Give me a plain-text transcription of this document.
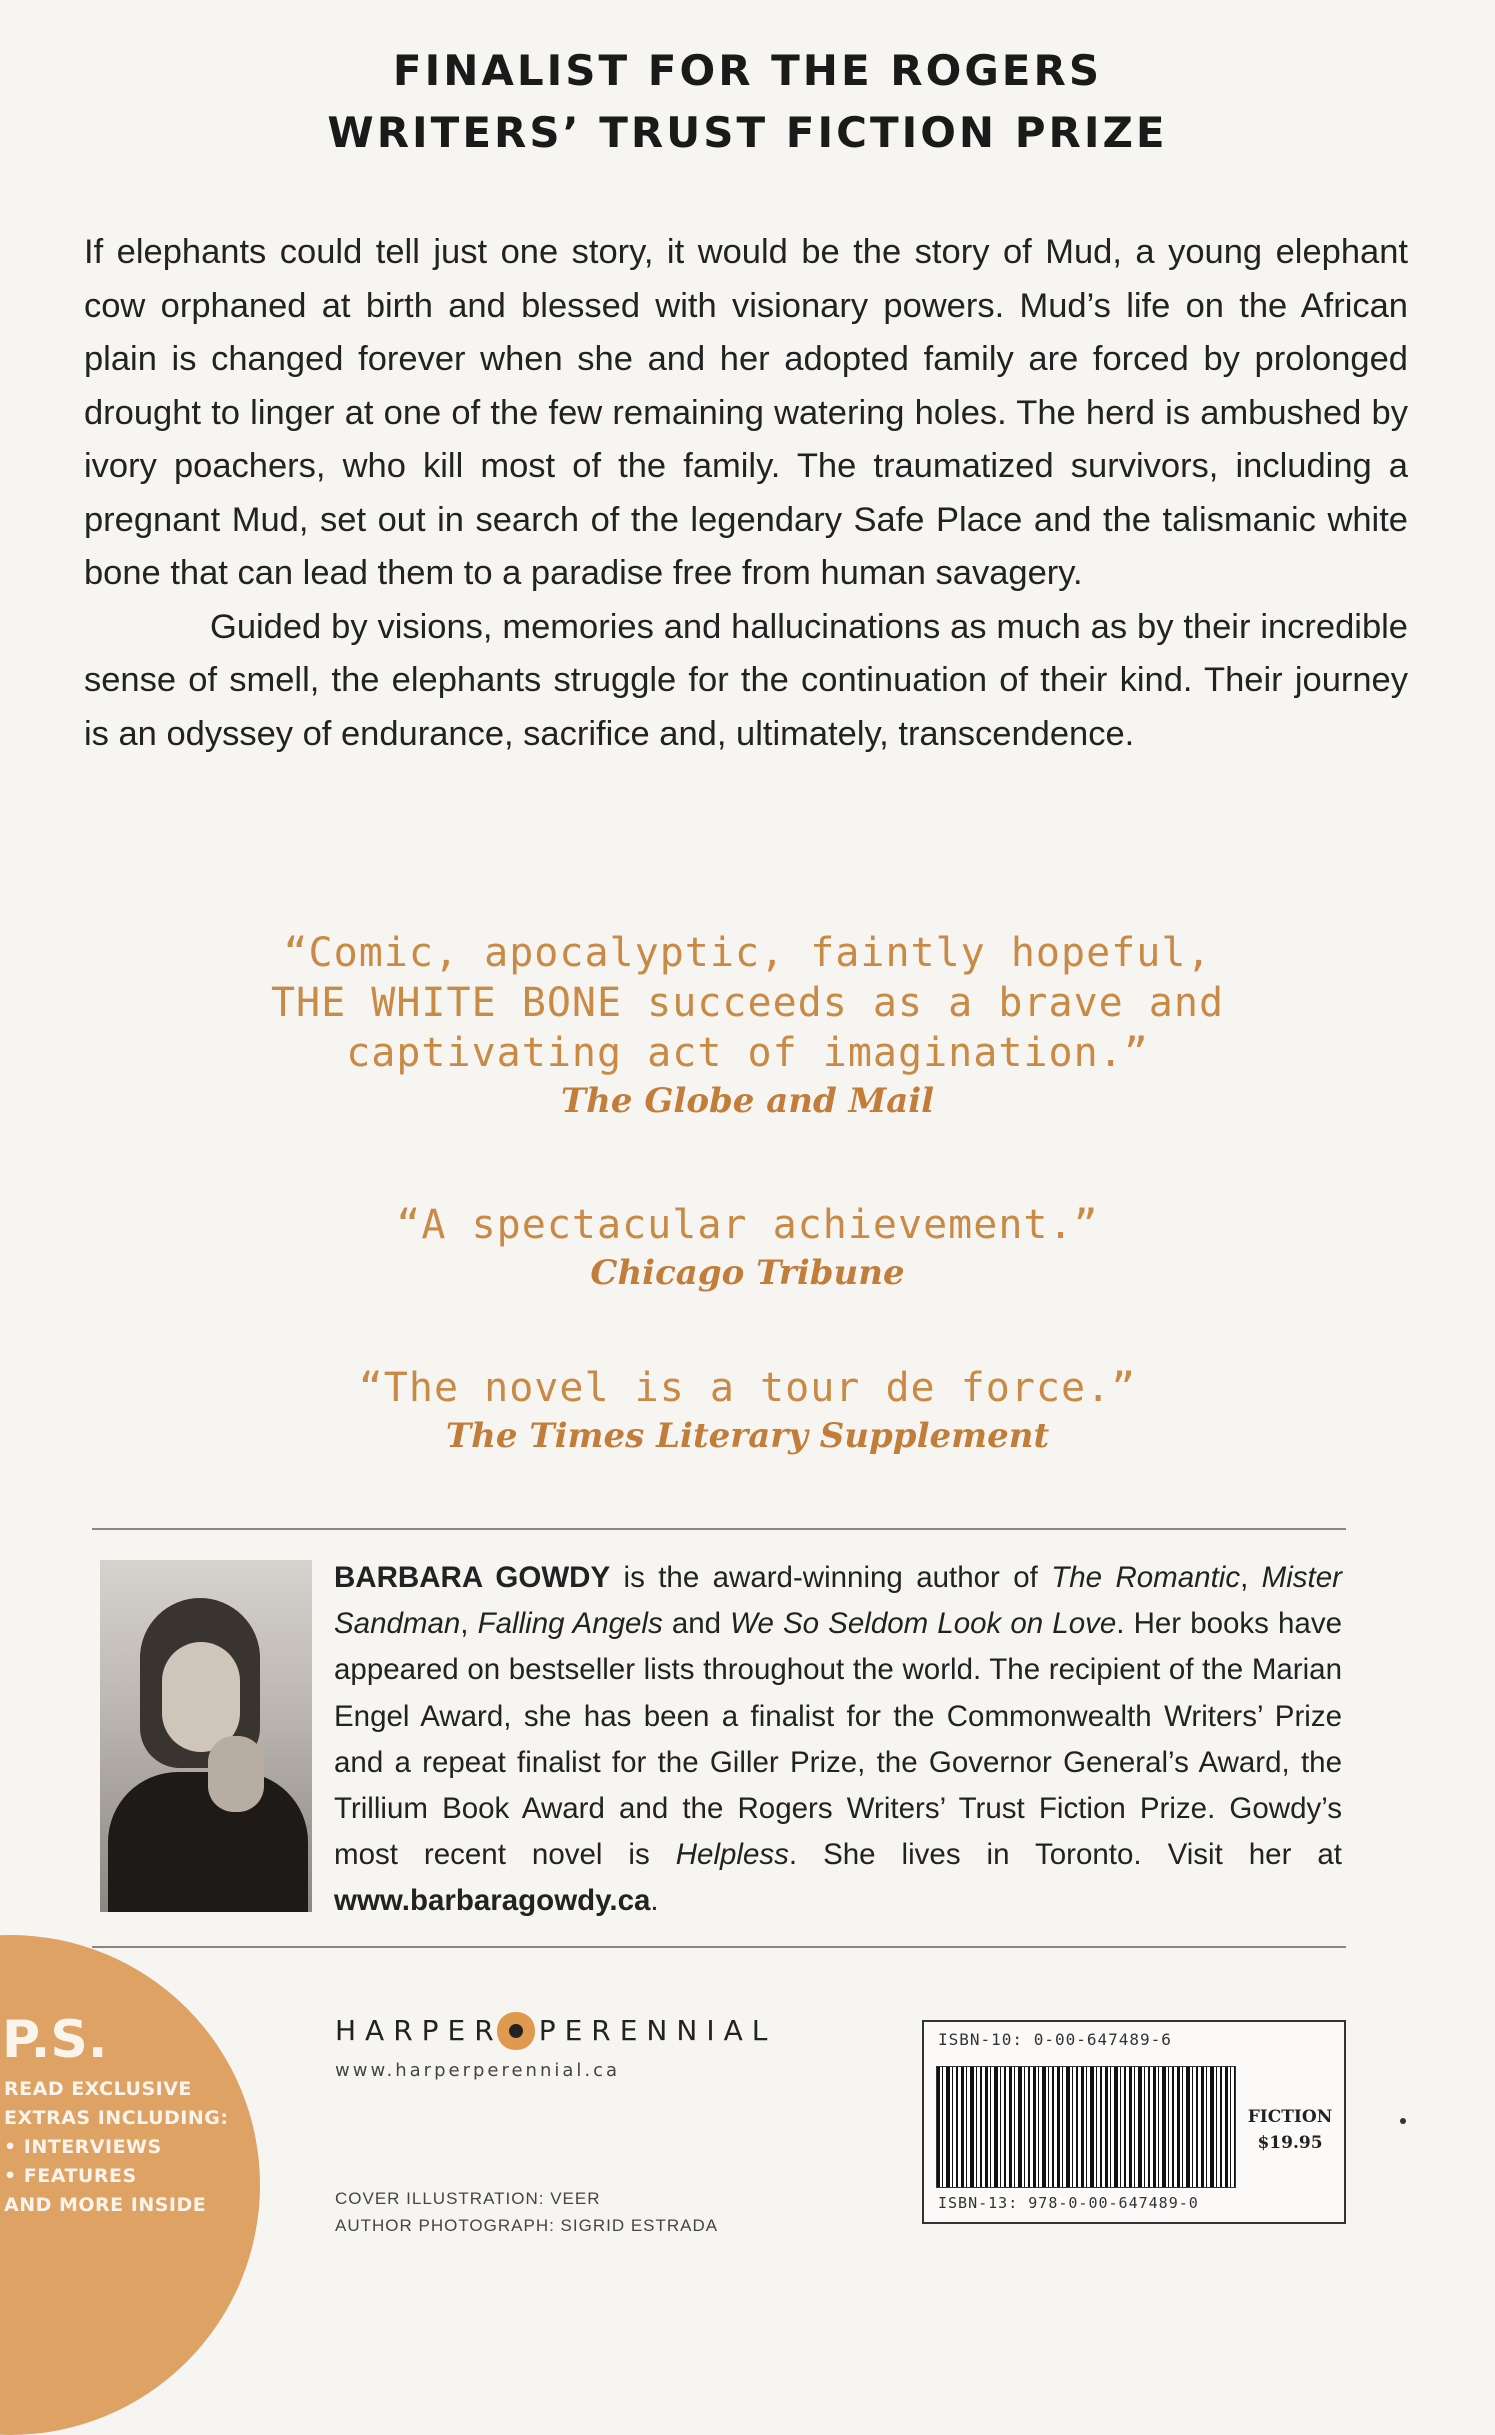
FINALIST FOR THE ROGERS
WRITERS’ TRUST FICTION PRIZE

If elephants could tell just one story, it would be the story of Mud, a young elephant cow orphaned at birth and blessed with visionary powers. Mud’s life on the African plain is changed forever when she and her adopted family are forced by prolonged drought to linger at one of the few remaining watering holes. The herd is ambushed by ivory poachers, who kill most of the family. The traumatized survivors, including a pregnant Mud, set out in search of the legendary Safe Place and the talismanic white bone that can lead them to a paradise free from human savagery.

Guided by visions, memories and hallucinations as much as by their incredible sense of smell, the elephants struggle for the continuation of their kind. Their journey is an odyssey of endurance, sacrifice and, ultimately, transcendence.

“Comic, apocalyptic, faintly hopeful,
THE WHITE BONE succeeds as a brave and
captivating act of imagination.”
The Globe and Mail
“A spectacular achievement.”
Chicago Tribune
“The novel is a tour de force.”
The Times Literary Supplement
BARBARA GOWDY is the award-winning author of The Romantic, Mister Sandman, Falling Angels and We So Seldom Look on Love. Her books have appeared on bestseller lists throughout the world. The recipient of the Marian Engel Award, she has been a finalist for the Commonwealth Writers’ Prize and a repeat finalist for the Giller Prize, the Governor General’s Award, the Trillium Book Award and the Rogers Writers’ Trust Fiction Prize. Gowdy’s most recent novel is Helpless. She lives in Toronto. Visit her at www.barbaragowdy.ca.
P.S.
READ EXCLUSIVE
EXTRAS INCLUDING:
• INTERVIEWS
• FEATURES
AND MORE INSIDE
HARPER PERENNIAL
www.harperperennial.ca
COVER ILLUSTRATION: VEER
AUTHOR PHOTOGRAPH: SIGRID ESTRADA
ISBN-10: 0-00-647489-6
FICTION
$19.95
ISBN-13: 978-0-00-647489-0
